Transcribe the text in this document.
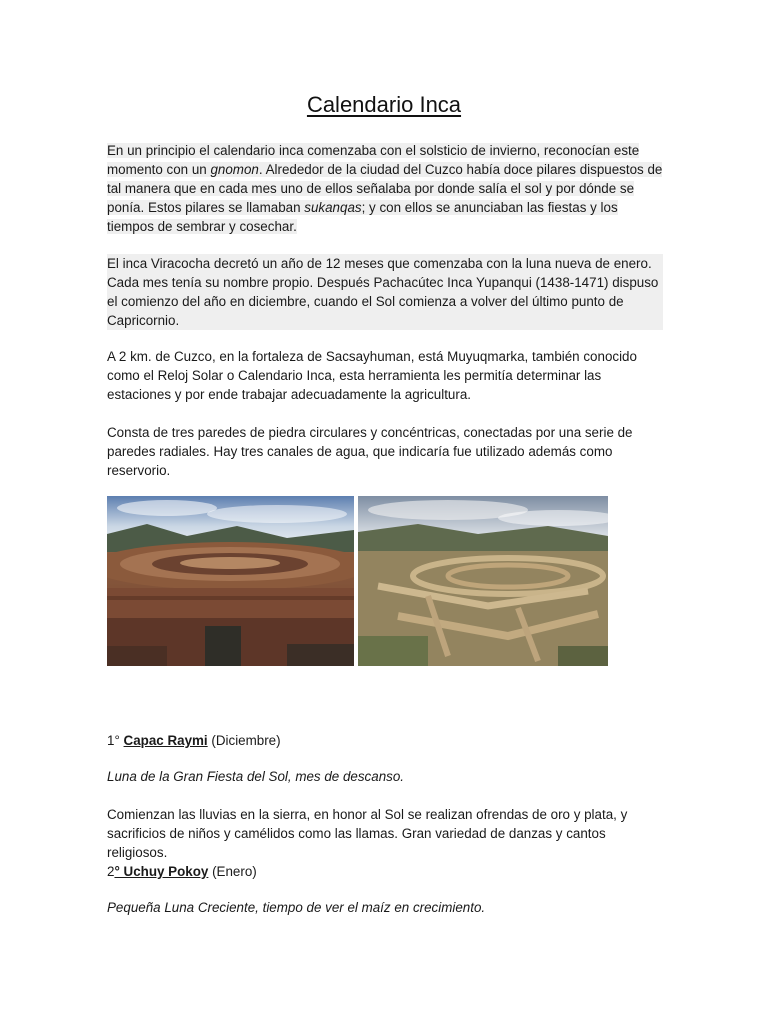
Calendario Inca

En un principio el calendario inca comenzaba con el solsticio de invierno, reconocían este momento con un gnomon. Alrededor de la ciudad del Cuzco había doce pilares dispuestos de tal manera que en cada mes uno de ellos señalaba por donde salía el sol y por dónde se ponía. Estos pilares se llamaban sukanqas; y con ellos se anunciaban las fiestas y los tiempos de sembrar y cosechar.

El inca Viracocha decretó un año de 12 meses que comenzaba con la luna nueva de enero. Cada mes tenía su nombre propio. Después Pachacútec Inca Yupanqui (1438-1471) dispuso el comienzo del año en diciembre, cuando el Sol comienza a volver del último punto de Capricornio.

A 2 km. de Cuzco, en la fortaleza de Sacsayhuman, está Muyuqmarka, también conocido como el Reloj Solar o Calendario Inca, esta herramienta les permitía determinar las estaciones y por ende trabajar adecuadamente la agricultura.

Consta de tres paredes de piedra circulares y concéntricas, conectadas por una serie de paredes radiales. Hay tres canales de agua, que indicaría fue utilizado además como reservorio.

1° Capac Raymi (Diciembre)

Luna de la Gran Fiesta del Sol, mes de descanso.

Comienzan las lluvias en la sierra, en honor al Sol se realizan ofrendas de oro y plata, y sacrificios de niños y camélidos como las llamas. Gran variedad de danzas y cantos religiosos.

2° Uchuy Pokoy (Enero)

Pequeña Luna Creciente, tiempo de ver el maíz en crecimiento.
